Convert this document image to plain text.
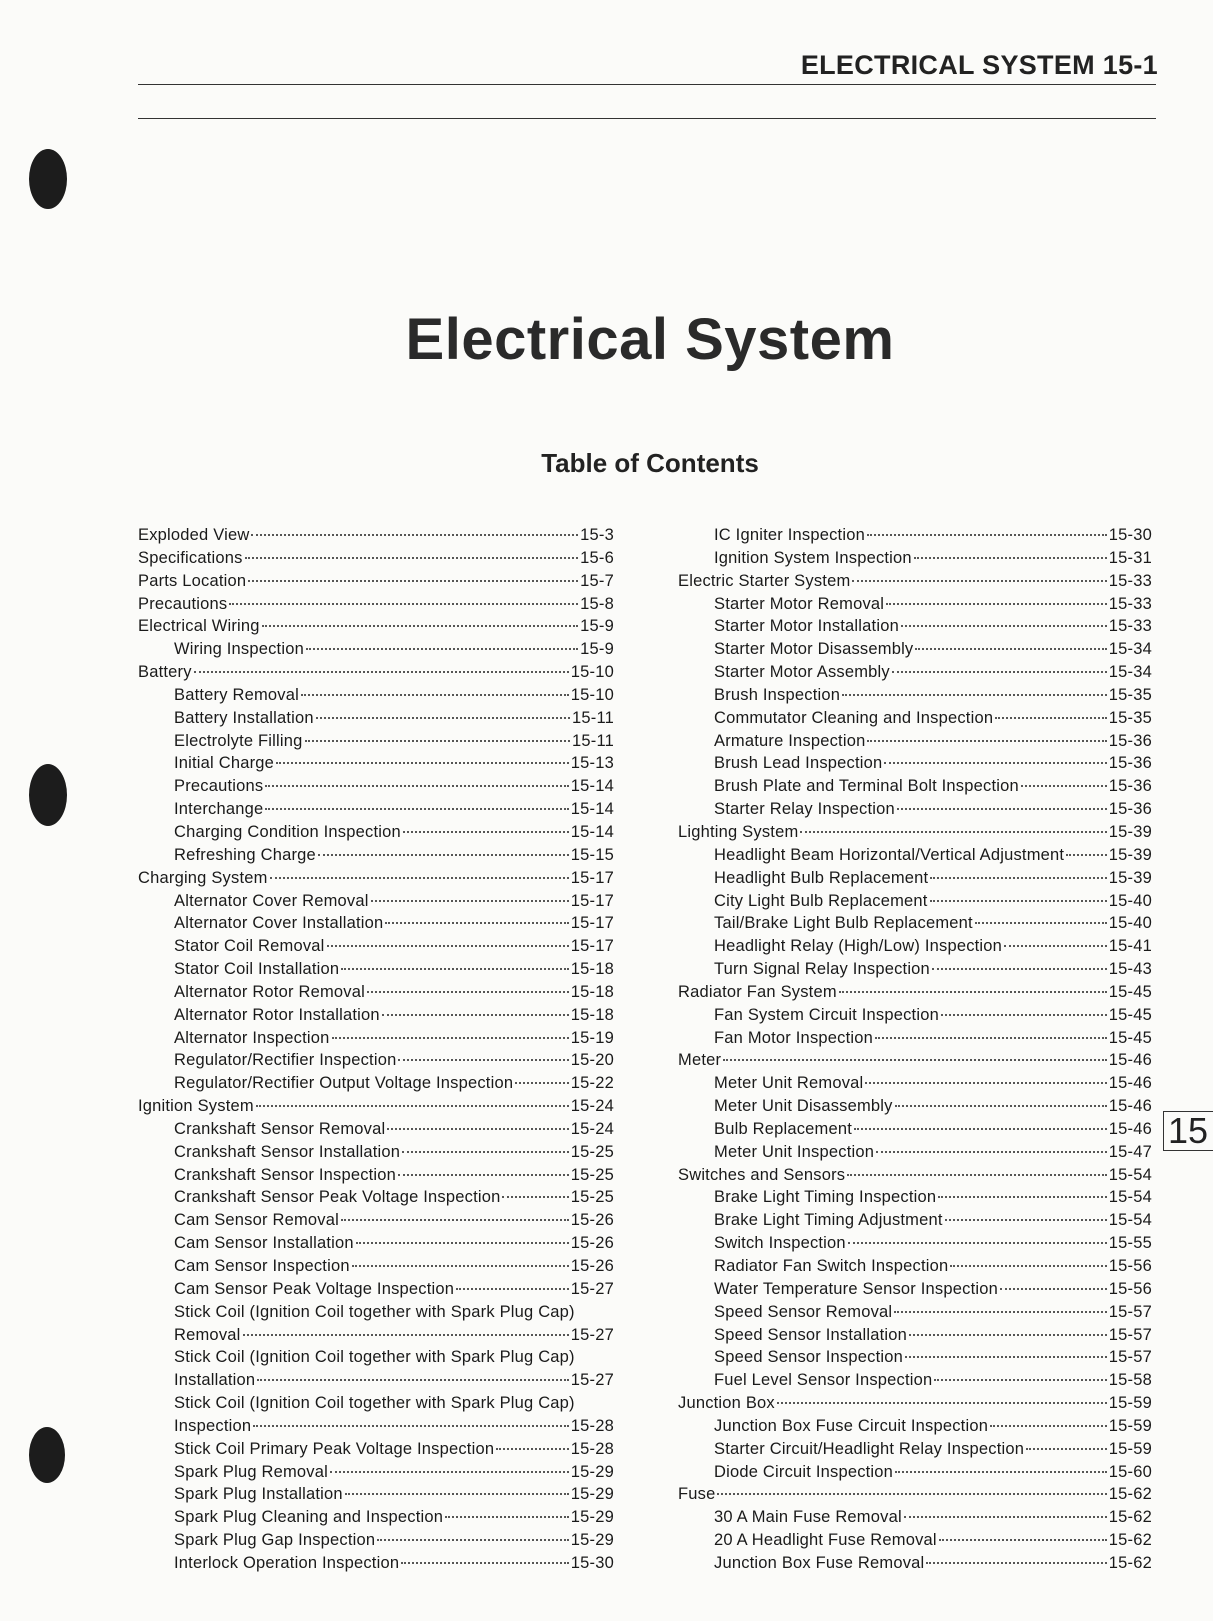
ELECTRICAL SYSTEM 15-1
Electrical System
Table of Contents
Exploded View	15-3
Specifications	15-6
Parts Location	15-7
Precautions	15-8
Electrical Wiring	15-9
Wiring Inspection	15-9
Battery	15-10
Battery Removal	15-10
Battery Installation	15-11
Electrolyte Filling	15-11
Initial Charge	15-13
Precautions	15-14
Interchange	15-14
Charging Condition Inspection	15-14
Refreshing Charge	15-15
Charging System	15-17
Alternator Cover Removal	15-17
Alternator Cover Installation	15-17
Stator Coil Removal	15-17
Stator Coil Installation	15-18
Alternator Rotor Removal	15-18
Alternator Rotor Installation	15-18
Alternator Inspection	15-19
Regulator/Rectifier Inspection	15-20
Regulator/Rectifier Output Voltage Inspection	15-22
Ignition System	15-24
Crankshaft Sensor Removal	15-24
Crankshaft Sensor Installation	15-25
Crankshaft Sensor Inspection	15-25
Crankshaft Sensor Peak Voltage Inspection	15-25
Cam Sensor Removal	15-26
Cam Sensor Installation	15-26
Cam Sensor Inspection	15-26
Cam Sensor Peak Voltage Inspection	15-27
Stick Coil (Ignition Coil together with Spark Plug Cap)
Removal	15-27
Stick Coil (Ignition Coil together with Spark Plug Cap)
Installation	15-27
Stick Coil (Ignition Coil together with Spark Plug Cap)
Inspection	15-28
Stick Coil Primary Peak Voltage Inspection	15-28
Spark Plug Removal	15-29
Spark Plug Installation	15-29
Spark Plug Cleaning and Inspection	15-29
Spark Plug Gap Inspection	15-29
Interlock Operation Inspection	15-30
IC Igniter Inspection	15-30
Ignition System Inspection	15-31
Electric Starter System	15-33
Starter Motor Removal	15-33
Starter Motor Installation	15-33
Starter Motor Disassembly	15-34
Starter Motor Assembly	15-34
Brush Inspection	15-35
Commutator Cleaning and Inspection	15-35
Armature Inspection	15-36
Brush Lead Inspection	15-36
Brush Plate and Terminal Bolt Inspection	15-36
Starter Relay Inspection	15-36
Lighting System	15-39
Headlight Beam Horizontal/Vertical Adjustment	15-39
Headlight Bulb Replacement	15-39
City Light Bulb Replacement	15-40
Tail/Brake Light Bulb Replacement	15-40
Headlight Relay (High/Low) Inspection	15-41
Turn Signal Relay Inspection	15-43
Radiator Fan System	15-45
Fan System Circuit Inspection	15-45
Fan Motor Inspection	15-45
Meter	15-46
Meter Unit Removal	15-46
Meter Unit Disassembly	15-46
Bulb Replacement	15-46
Meter Unit Inspection	15-47
Switches and Sensors	15-54
Brake Light Timing Inspection	15-54
Brake Light Timing Adjustment	15-54
Switch Inspection	15-55
Radiator Fan Switch Inspection	15-56
Water Temperature Sensor Inspection	15-56
Speed Sensor Removal	15-57
Speed Sensor Installation	15-57
Speed Sensor Inspection	15-57
Fuel Level Sensor Inspection	15-58
Junction Box	15-59
Junction Box Fuse Circuit Inspection	15-59
Starter Circuit/Headlight Relay Inspection	15-59
Diode Circuit Inspection	15-60
Fuse	15-62
30 A Main Fuse Removal	15-62
20 A Headlight Fuse Removal	15-62
Junction Box Fuse Removal	15-62
15
